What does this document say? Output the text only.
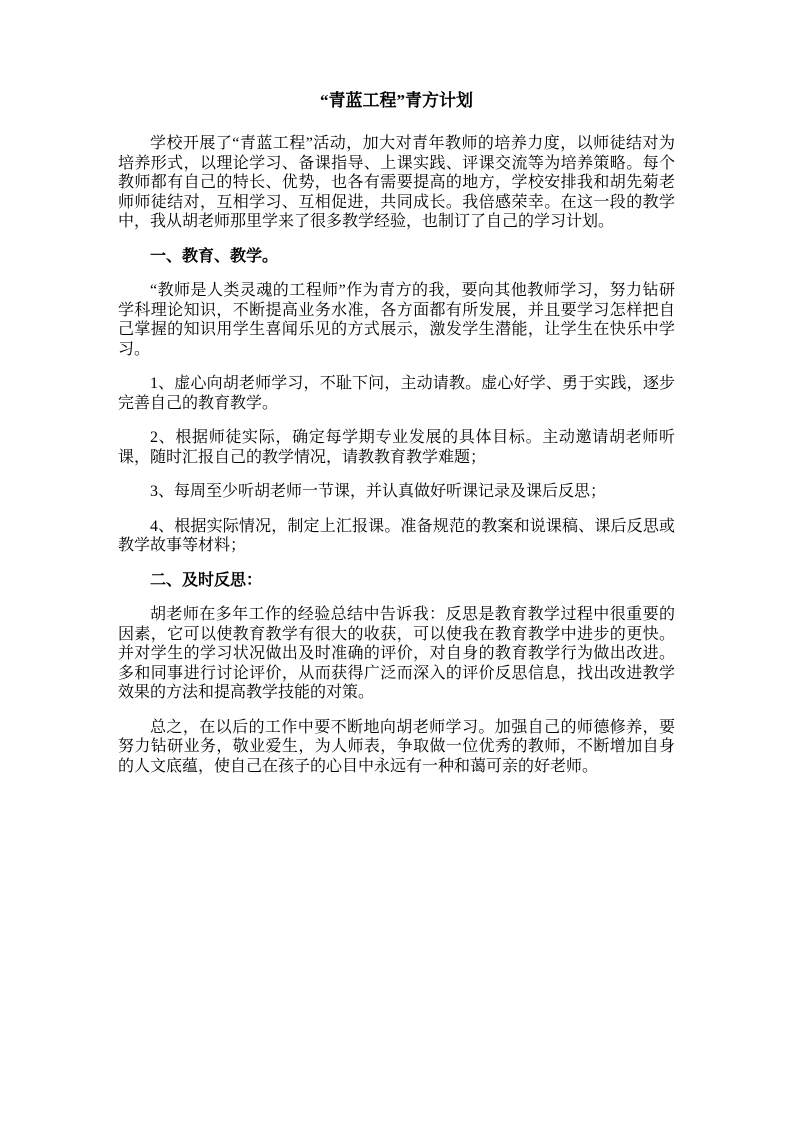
“青蓝工程”青方计划

学校开展了“青蓝工程”活动，加大对青年教师的培养力度，以师徒结对为培养形式，以理论学习、备课指导、上课实践、评课交流等为培养策略。每个教师都有自己的特长、优势，也各有需要提高的地方，学校安排我和胡先菊老师师徒结对，互相学习、互相促进，共同成长。我倍感荣幸。在这一段的教学中，我从胡老师那里学来了很多教学经验，也制订了自己的学习计划。

一、教育、教学。

“教师是人类灵魂的工程师”作为青方的我，要向其他教师学习，努力钻研学科理论知识，不断提高业务水准，各方面都有所发展，并且要学习怎样把自己掌握的知识用学生喜闻乐见的方式展示，激发学生潜能，让学生在快乐中学习。

1、虚心向胡老师学习，不耻下问，主动请教。虚心好学、勇于实践，逐步完善自己的教育教学。

2、根据师徒实际，确定每学期专业发展的具体目标。主动邀请胡老师听课，随时汇报自己的教学情况，请教教育教学难题；

3、每周至少听胡老师一节课，并认真做好听课记录及课后反思；

4、根据实际情况，制定上汇报课。准备规范的教案和说课稿、课后反思或教学故事等材料；

二、及时反思：

胡老师在多年工作的经验总结中告诉我：反思是教育教学过程中很重要的因素，它可以使教育教学有很大的收获，可以使我在教育教学中进步的更快。并对学生的学习状况做出及时准确的评价，对自身的教育教学行为做出改进。多和同事进行讨论评价，从而获得广泛而深入的评价反思信息，找出改进教学效果的方法和提高教学技能的对策。

总之，在以后的工作中要不断地向胡老师学习。加强自己的师德修养，要努力钻研业务，敬业爱生，为人师表，争取做一位优秀的教师，不断增加自身的人文底蕴，使自己在孩子的心目中永远有一种和蔼可亲的好老师。
